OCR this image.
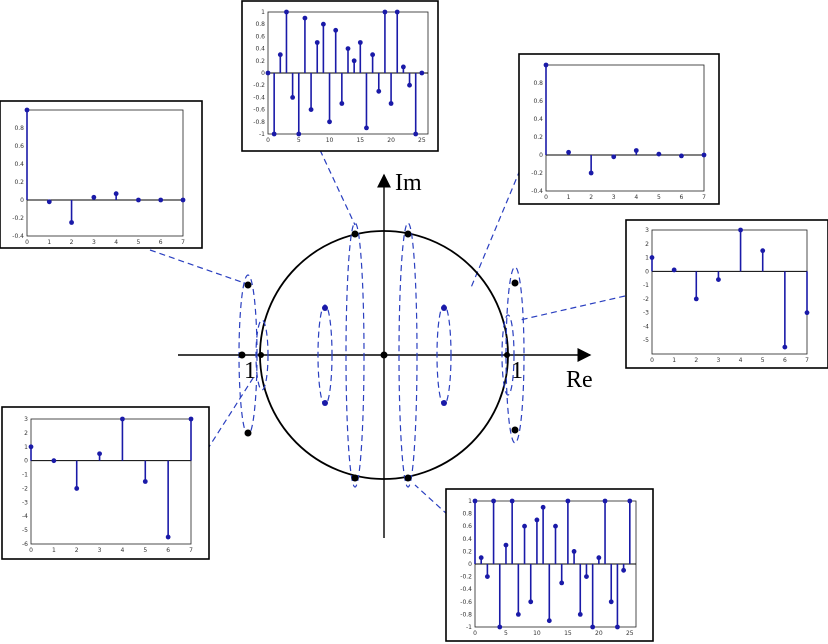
Im
Re
1
1
-1
-0.8
-0.6
-0.4
-0.2
0
0.2
0.4
0.6
0.8
1
0	5	10	15	20	25
-0.4
-0.2
0
0.2
0.4
0.6
0.8
0	1	2	3	4	5	6	7
-0.4
-0.2
0
0.2
0.4
0.6
0.8
0	1	2	3	4	5	6	7
-5
-4
-3
-2
-1
0
1
2
3
0	1	2	3	4	5	6	7
-6
-5
-4
-3
-2
-1
0
1
2
3
0	1	2	3	4	5	6	7
-1
-0.8
-0.6
-0.4
-0.2
0
0.2
0.4
0.6
0.8
1
0	5	10	15	20	25
